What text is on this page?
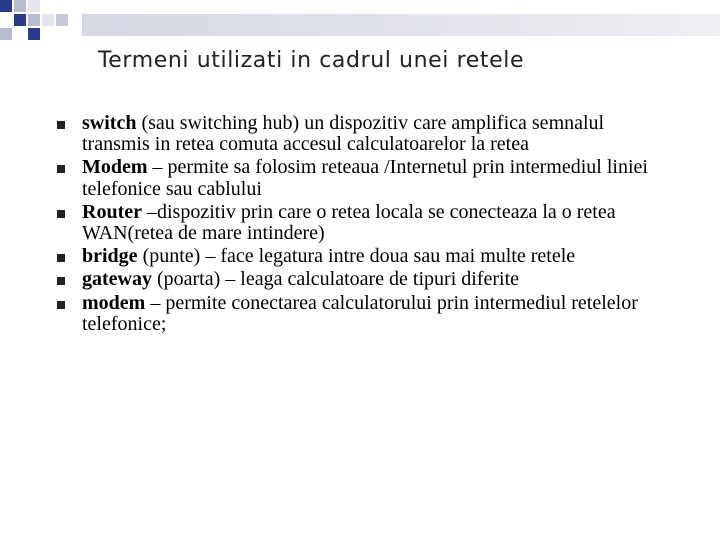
Termeni utilizati in cadrul unei retele
switch (sau switching hub) un dispozitiv care amplifica semnalul transmis in retea comuta accesul calculatoarelor la retea
Modem – permite sa folosim reteaua /Internetul prin intermediul liniei telefonice sau cablului
Router –dispozitiv prin care o retea locala se conecteaza la o retea WAN(retea de mare intindere)
bridge (punte) – face legatura intre doua sau mai multe retele
gateway (poarta) – leaga calculatoare de tipuri diferite
modem – permite conectarea calculatorului prin intermediul retelelor telefonice;
